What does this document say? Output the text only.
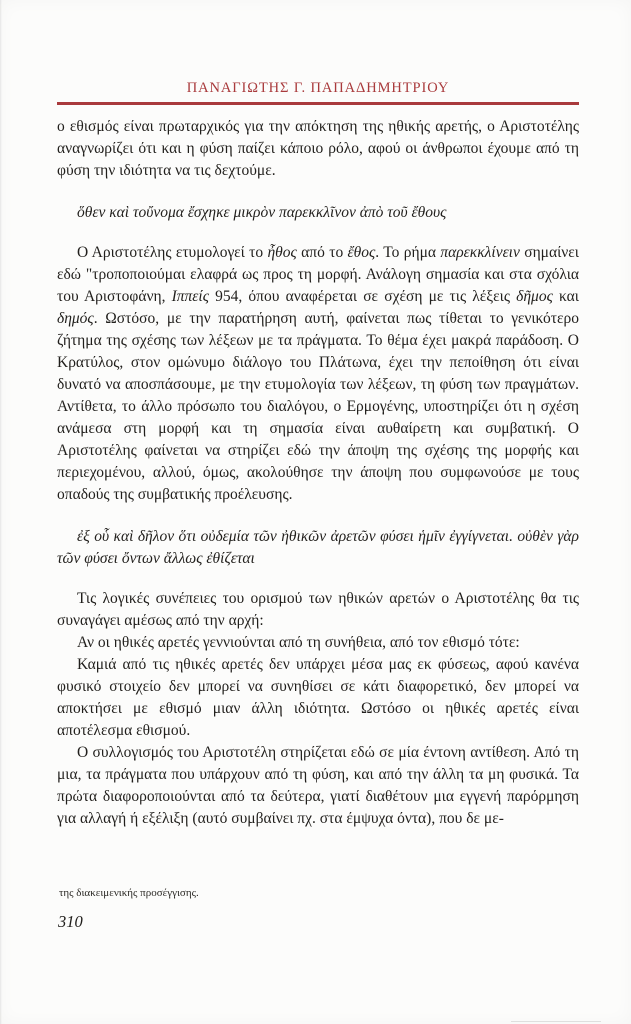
ΠΑΝΑΓΙΩΤΗΣ Γ. ΠΑΠΑΔΗΜΗΤΡΙΟΥ

ο εθισμός είναι πρωταρχικός για την απόκτηση της ηθικής αρετής, ο Αριστοτέλης αναγνωρίζει ότι και η φύση παίζει κάποιο ρόλο, αφού οι άνθρωποι έχουμε από τη φύση την ιδιότητα να τις δεχτούμε.

ὅθεν καὶ τοὔνομα ἔσχηκε μικρὸν παρεκκλῖνον ἀπὸ τοῦ ἔθους

Ο Αριστοτέλης ετυμολογεί το ἦθος από το ἔθος. Το ρήμα παρεκκλίνειν σημαίνει εδώ "τροποποιούμαι ελαφρά ως προς τη μορφή. Ανάλογη σημασία και στα σχόλια του Αριστοφάνη, Ιππείς 954, όπου αναφέρεται σε σχέση με τις λέξεις δῆμος και δημός. Ωστόσο, με την παρατήρηση αυτή, φαίνεται πως τίθεται το γενικότερο ζήτημα της σχέσης των λέξεων με τα πράγματα. Το θέμα έχει μακρά παράδοση. Ο Κρατύλος, στον ομώνυμο διάλογο του Πλάτωνα, έχει την πεποίθηση ότι είναι δυνατό να αποσπάσουμε, με την ετυμολογία των λέξεων, τη φύση των πραγμάτων. Αντίθετα, το άλλο πρόσωπο του διαλόγου, ο Ερμογένης, υποστηρίζει ότι η σχέση ανάμεσα στη μορφή και τη σημασία είναι αυθαίρετη και συμβατική. Ο Αριστοτέλης φαίνεται να στηρίζει εδώ την άποψη της σχέσης της μορφής και περιεχομένου, αλλού, όμως, ακολούθησε την άποψη που συμφωνούσε με τους οπαδούς της συμβατικής προέλευσης.

ἐξ οὗ καὶ δῆλον ὅτι οὐδεμία τῶν ἠθικῶν ἀρετῶν φύσει ἡμῖν ἐγγίγνεται. οὐθὲν γὰρ τῶν φύσει ὄντων ἄλλως ἐθίζεται

Τις λογικές συνέπειες του ορισμού των ηθικών αρετών ο Αριστοτέλης θα τις συναγάγει αμέσως από την αρχή:

Αν οι ηθικές αρετές γεννιούνται από τη συνήθεια, από τον εθισμό τότε:

Καμιά από τις ηθικές αρετές δεν υπάρχει μέσα μας εκ φύσεως, αφού κανένα φυσικό στοιχείο δεν μπορεί να συνηθίσει σε κάτι διαφορετικό, δεν μπορεί να αποκτήσει με εθισμό μιαν άλλη ιδιότητα. Ωστόσο οι ηθικές αρετές είναι αποτέλεσμα εθισμού.

Ο συλλογισμός του Αριστοτέλη στηρίζεται εδώ σε μία έντονη αντίθεση. Από τη μια, τα πράγματα που υπάρχουν από τη φύση, και από την άλλη τα μη φυσικά. Τα πρώτα διαφοροποιούνται από τα δεύτερα, γιατί διαθέτουν μια εγγενή παρόρμηση για αλλαγή ή εξέλιξη (αυτό συμβαίνει πχ. στα έμψυχα όντα), που δε με-

της διακειμενικής προσέγγισης.
310
